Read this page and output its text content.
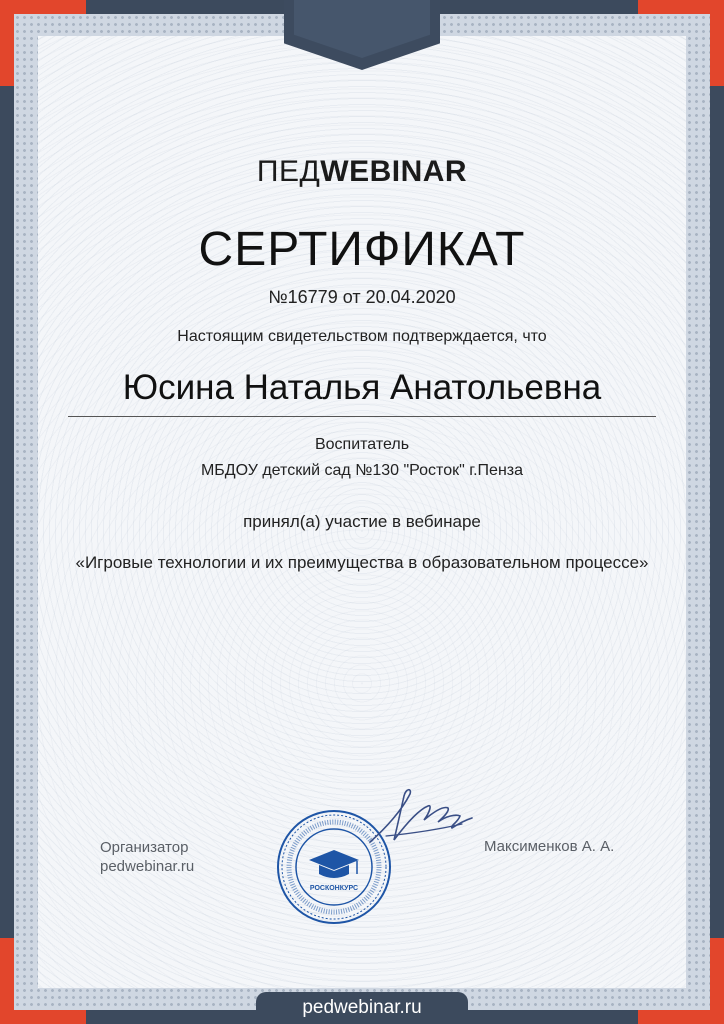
ПЕДWEBINAR
СЕРТИФИКАТ
№16779 от 20.04.2020
Настоящим свидетельством подтверждается, что
Юсина Наталья Анатольевна
Воспитатель
МБДОУ детский сад №130 "Росток" г.Пенза
принял(а) участие в вебинаре
«Игровые технологии и их преимущества в образовательном процессе»
Организатор
pedwebinar.ru
РОСКОНКУРС
Максименков А. А.
pedwebinar.ru
